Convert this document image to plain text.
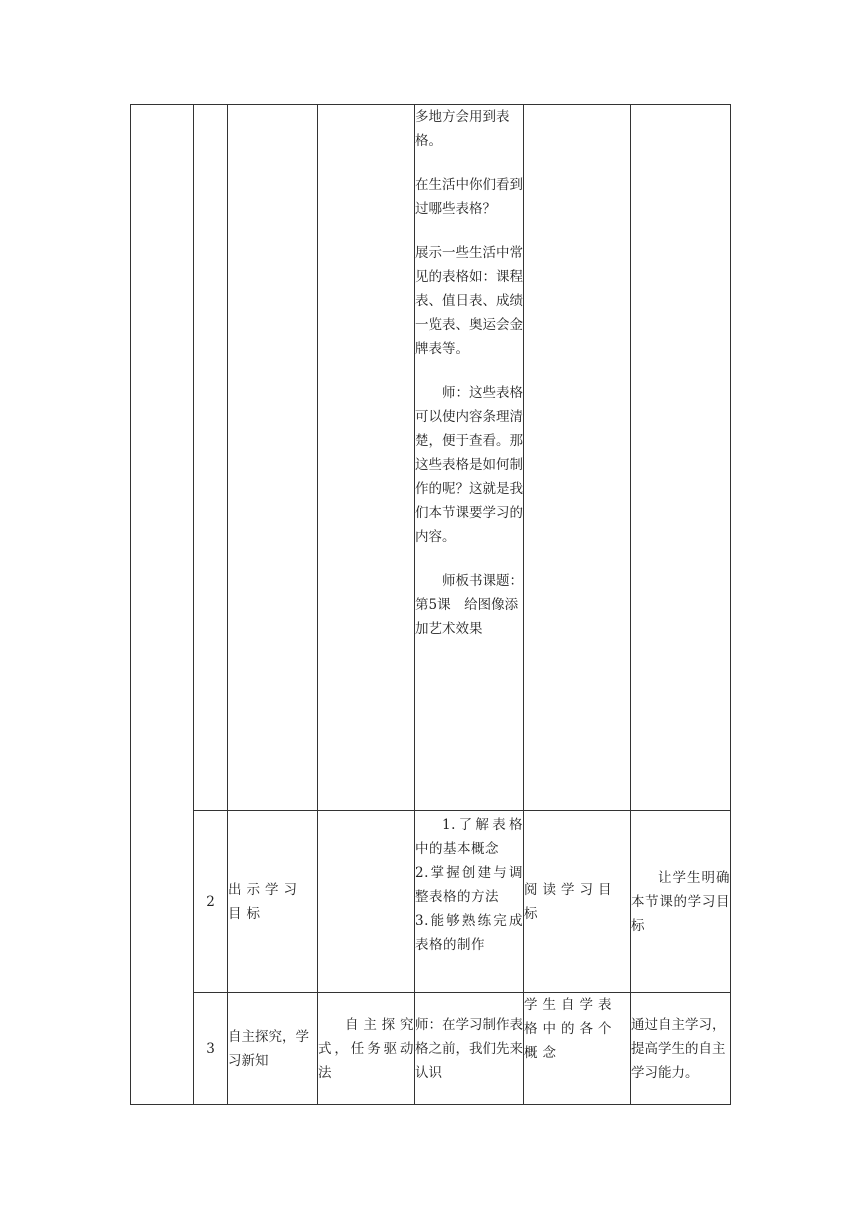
				多地方会用到表格。

在生活中你们看到过哪些表格？

展示一些生活中常见的表格如：课程表、值日表、成绩一览表、奥运会金牌表等。

师：这些表格可以使内容条理清楚，便于查看。那这些表格是如何制作的呢？这就是我们本节课要学习的内容。

师板书课题：第5课　给图像添加艺术效果		

	2	出示学习目标		1.了解表格中的基本概念
2.掌握创建与调整表格的方法
3.能够熟练完成表格的制作	阅读学习目标	让学生明确本节课的学习目标
	3	自主探究，学习新知	自主探究式，任务驱动法	师：在学习制作表格之前，我们先来认识	学生自学表格中的各个概念	通过自主学习，提高学生的自主学习能力。
